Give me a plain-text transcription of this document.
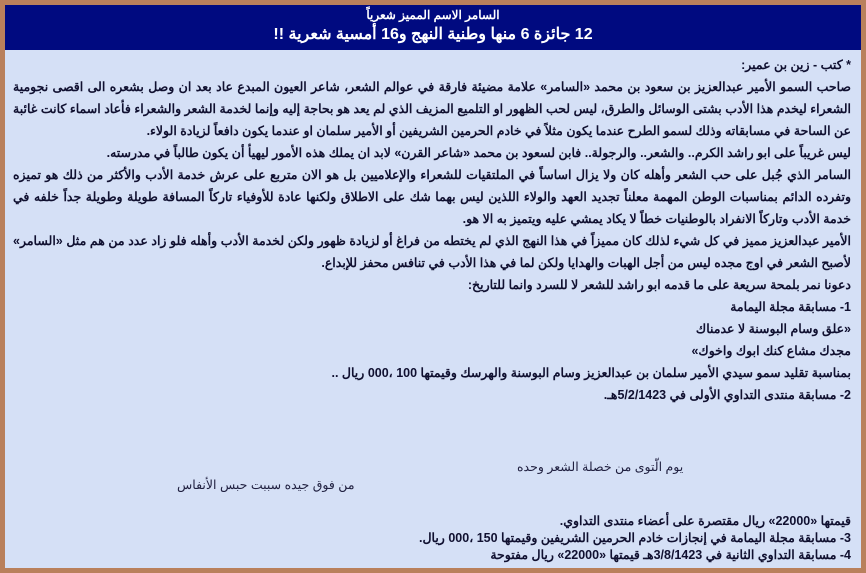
السامر الاسم المميز شعرياً
12 جائزة 6 منها وطنية النهج و16 أمسية شعرية !!

* كتب - زين بن عمير:

صاحب السمو الأمير عبدالعزيز بن سعود بن محمد «السامر» علامة مضيئة فارقة في عوالم الشعر، شاعر العيون المبدع عاد بعد ان وصل بشعره الى اقصى نجومية الشعراء ليخدم هذا الأدب بشتى الوسائل والطرق، ليس لحب الظهور او التلميع المزيف الذي لم يعد هو بحاجة إليه وإنما لخدمة الشعر والشعراء فأعاد اسماء كانت غائبة عن الساحة في مسابقاته وذلك لسمو الطرح عندما يكون مثلاً في خادم الحرمين الشريفين أو الأمير سلمان او عندما يكون دافعاً لزيادة الولاء.

ليس غريباً على ابو راشد الكرم.. والشعر.. والرجولة.. فابن لسعود بن محمد «شاعر القرن» لابد ان يملك هذه الأمور ليهيأ أن يكون طالباً في مدرسته.

السامر الذي جُبل على حب الشعر وأهله كان ولا يزال اساساً في الملتقيات للشعراء والإعلاميين بل هو الان متربع على عرش خدمة الأدب والأكثر من ذلك هو تميزه وتفرده الدائم بمناسبات الوطن المهمة معلناً تجديد العهد والولاء اللذين ليس بهما شك على الاطلاق ولكنها عادة للأوفياء تاركاً المسافة طويلة وطويلة جداً خلفه في خدمة الأدب وتاركاً الانفراد بالوطنيات خطاً لا يكاد يمشي عليه ويتميز به الا هو.

الأمير عبدالعزيز مميز في كل شيء لذلك كان مميزاً في هذا النهج الذي لم يختطه من فراغ أو لزيادة ظهور ولكن لخدمة الأدب وأهله فلو زاد عدد من هم مثل «السامر» لأصبح الشعر في اوج مجده ليس من أجل الهبات والهدايا ولكن لما في هذا الأدب في تنافس محفز للإبداع.

دعونا نمر بلمحة سريعة على ما قدمه ابو راشد للشعر لا للسرد وانما للتاريخ:

1- مسابقة مجلة اليمامة

«علق وسام البوسنة لا عدمناك

مجدك مشاع كنك ابوك واخوك»

بمناسبة تقليد سمو سيدي الأمير سلمان بن عبدالعزيز وسام البوسنة والهرسك وقيمتها 100 ،000 ريال ..

2- مسابقة منتدى التداوي الأولى في 5/2/1423هـ.

يوم الّتوى من خصلة الشعر وحده
من فوق جيده سببت حبس الأنفاس

قيمتها «22000» ريال مقتصرة على أعضاء منتدى التداوي.

3- مسابقة مجلة اليمامة في إنجازات خادم الحرمين الشريفين وقيمتها 150 ،000 ريال.

4- مسابقة التداوي الثانية في 3/8/1423هـ قيمتها «22000» ريال مفتوحة
